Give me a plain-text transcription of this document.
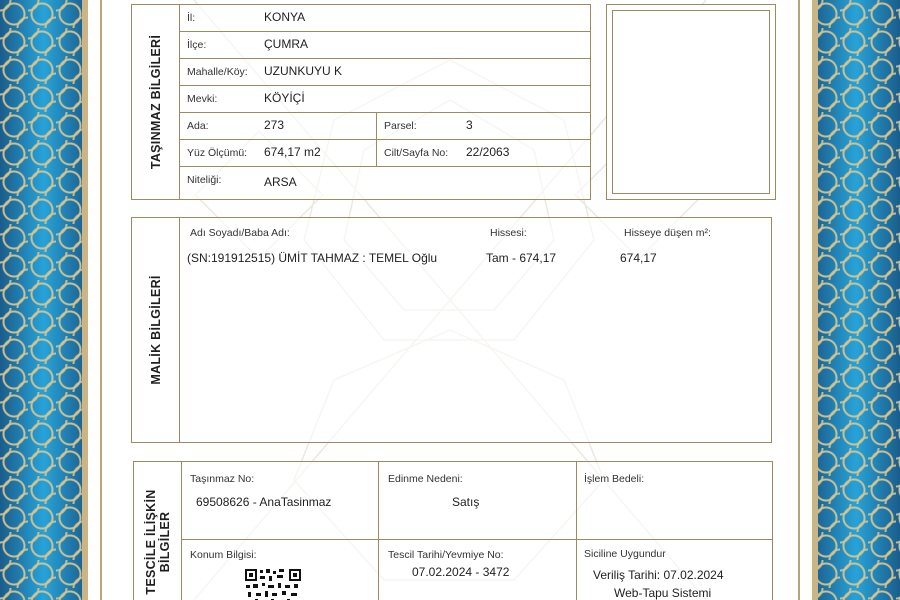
TAŞINMAZ BİLGİLERİ
İl:	KONYA
İlçe:	ÇUMRA
Mahalle/Köy: UZUNKUYU K
Mevki:	KÖYİÇİ
Ada:	273	Parsel:	3
Yüz Ölçümü: 674,17 m2	Cilt/Sayfa No: 22/2063
Niteliği:	ARSA
MALİK BİLGİLERİ
Adı Soyadı/Baba Adı:	Hissesi:	Hisseye düşen m²:
(SN:191912515) ÜMİT TAHMAZ : TEMEL Oğlu	Tam - 674,17	674,17
TESCİLE İLİŞKİN BİLGİLER
Taşınmaz No:
69508626 - AnaTasinmaz
Edinme Nedeni:
Satış
İşlem Bedeli:
Konum Bilgisi:	Tescil Tarihi/Yevmiye No:
07.02.2024 - 3472
Siciline Uygundur
Veriliş Tarihi: 07.02.2024
Web-Tapu Sistemi
